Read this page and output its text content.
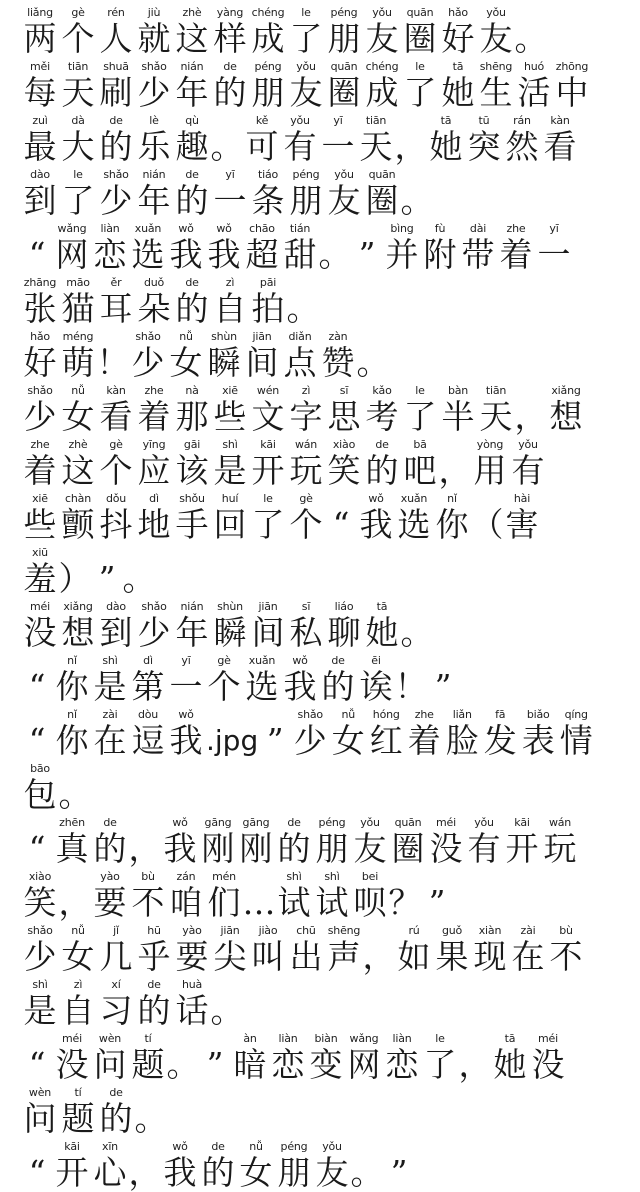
liǎng
两
gè
个
rén
人
jiù
就
zhè
这
yàng
样
chéng
成
le
了
péng
朋
yǒu
友
quān
圈
hǎo
好
yǒu
友 。
měi
每
tiān
天
shuā
刷
shǎo
少
nián
年
de
的
péng
朋
yǒu
友
quān
圈
chéng
成
le
了
tā
她
shēng
生
huó
活
zhōng
中
zuì
最
dà
大
de
的
lè
乐
qù
趣 。
kě
可
yǒu
有
yī
一
tiān
天 ，
tā
她
tū
突
rán
然
kàn
看
dào
到
le
了
shǎo
少
nián
年
de
的
yī
一
tiáo
条
péng
朋
yǒu
友
quān
圈 。
“
wǎng
网
liàn
恋
xuǎn
选
wǒ
我
wǒ
我
chāo
超
tián
甜 。 ”
bìng
并
fù
附
dài
带
zhe
着
yī
一
zhāng
张
māo
猫
ěr
耳
duǒ
朵
de
的
zì
自
pāi
拍 。
hǎo
好
méng
萌 ！
shǎo
少
nǚ
女
shùn
瞬
jiān
间
diǎn
点
zàn
赞 。
shǎo
少
nǚ
女
kàn
看
zhe
着
nà
那
xiē
些
wén
文
zì
字
sī
思
kǎo
考
le
了
bàn
半
tiān
天 ，
xiǎng
想
zhe
着
zhè
这
gè
个
yīng
应
gāi
该
shì
是
kāi
开
wán
玩
xiào
笑
de
的
bā
吧 ，
yòng
用
yǒu
有
xiē
些
chàn
颤
dǒu
抖
dì
地
shǒu
手
huí
回
le
了
gè
个 “
wǒ
我
xuǎn
选
nǐ
你 （
hài
害
xiū
羞 ） ” 。
méi
没
xiǎng
想
dào
到
shǎo
少
nián
年
shùn
瞬
jiān
间
sī
私
liáo
聊
tā
她 。
“
nǐ
你
shì
是
dì
第
yī
一
gè
个
xuǎn
选
wǒ
我
de
的
ēi
诶 ！ ”
“
nǐ
你
zài
在
dòu
逗
wǒ
我 .jpg ”
shǎo
少
nǚ
女
hóng
红
zhe
着
liǎn
脸
fā
发
biǎo
表
qíng
情
bāo
包 。
“
zhēn
真
de
的 ，
wǒ
我
gāng
刚
gāng
刚
de
的
péng
朋
yǒu
友
quān
圈
méi
没
yǒu
有
kāi
开
wán
玩
xiào
笑 ，
yào
要
bù
不
zán
咱
mén
们 …
shì
试
shì
试
bei
呗 ？ ”
shǎo
少
nǚ
女
jǐ
几
hū
乎
yào
要
jiān
尖
jiào
叫
chū
出
shēng
声 ，
rú
如
guǒ
果
xiàn
现
zài
在
bù
不
shì
是
zì
自
xí
习
de
的
huà
话 。
“
méi
没
wèn
问
tí
题 。 ”
àn
暗
liàn
恋
biàn
变
wǎng
网
liàn
恋
le
了 ，
tā
她
méi
没
wèn
问
tí
题
de
的 。
“
kāi
开
xīn
心 ，
wǒ
我
de
的
nǚ
女
péng
朋
yǒu
友 。 ”
